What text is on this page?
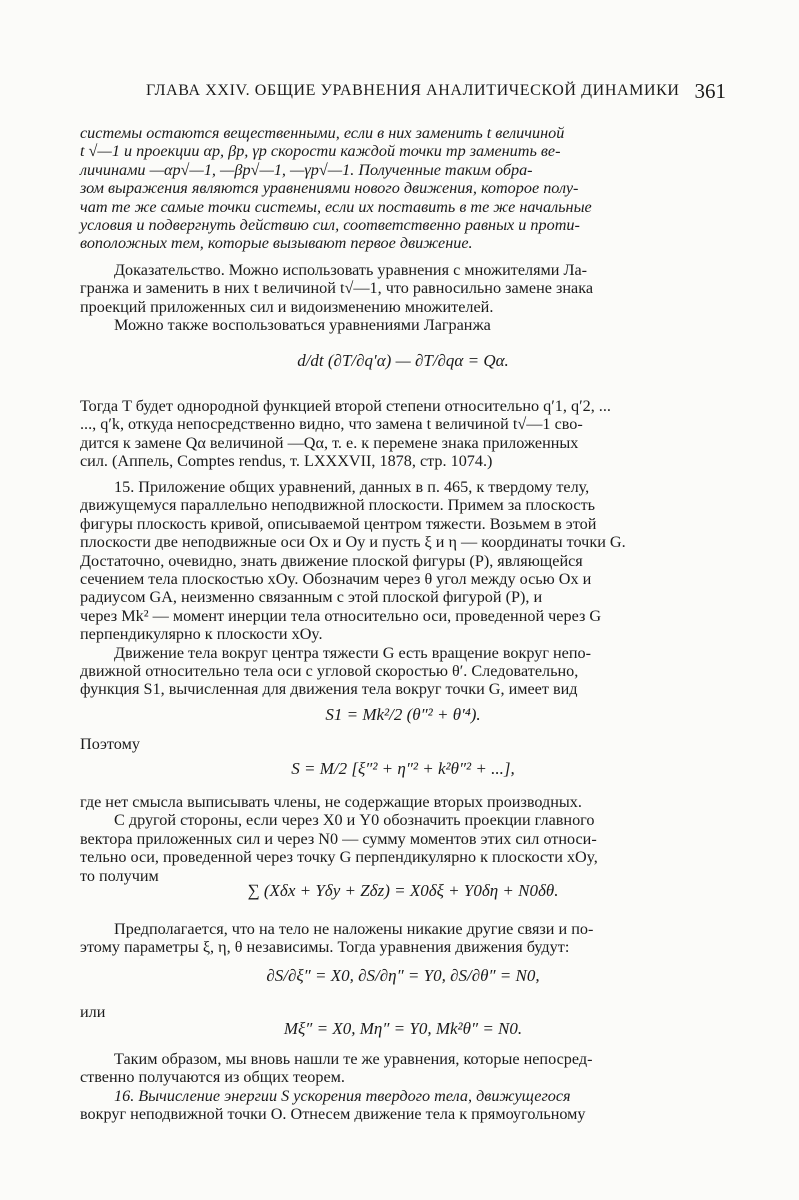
ГЛАВА XXIV. ОБЩИЕ УРАВНЕНИЯ АНАЛИТИЧЕСКОЙ ДИНАМИКИ 361

системы остаются вещественными, если в них заменить t величиной

t √—1 и проекции αp, βp, γp скорости каждой точки mp заменить ве-

личинами —αp√—1, —βp√—1, —γp√—1. Полученные таким обра-

зом выражения являются уравнениями нового движения, которое полу-

чат те же самые точки системы, если их поставить в те же начальные

условия и подвергнуть действию сил, соответственно равных и проти-

воположных тем, которые вызывают первое движение.

Доказательство. Можно использовать уравнения с множителями Ла-

гранжа и заменить в них t величиной t√—1, что равносильно замене знака

проекций приложенных сил и видоизменению множителей.

Можно также воспользоваться уравнениями Лагранжа

d/dt (∂T/∂q′α) — ∂T/∂qα = Qα.

Тогда T будет однородной функцией второй степени относительно q′1, q′2, ...

..., q′k, откуда непосредственно видно, что замена t величиной t√—1 сво-

дится к замене Qα величиной —Qα, т. е. к перемене знака приложенных

сил. (Аппель, Comptes rendus, т. LXXXVII, 1878, стр. 1074.)

15. Приложение общих уравнений, данных в п. 465, к твердому телу,

движущемуся параллельно неподвижной плоскости. Примем за плоскость

фигуры плоскость кривой, описываемой центром тяжести. Возьмем в этой

плоскости две неподвижные оси Ox и Oy и пусть ξ и η — координаты точки G.

Достаточно, очевидно, знать движение плоской фигуры (P), являющейся

сечением тела плоскостью xOy. Обозначим через θ угол между осью Ox и

радиусом GA, неизменно связанным с этой плоской фигурой (P), и

через Mk² — момент инерции тела относительно оси, проведенной через G

перпендикулярно к плоскости xOy.

Движение тела вокруг центра тяжести G есть вращение вокруг непо-

движной относительно тела оси с угловой скоростью θ′. Следовательно,

функция S1, вычисленная для движения тела вокруг точки G, имеет вид

S1 = Mk²/2 (θ″² + θ′⁴).
Поэтому
S = M/2 [ξ″² + η″² + k²θ″² + ...],

где нет смысла выписывать члены, не содержащие вторых производных.

С другой стороны, если через X0 и Y0 обозначить проекции главного

вектора приложенных сил и через N0 — сумму моментов этих сил относи-

тельно оси, проведенной через точку G перпендикулярно к плоскости xOy,

то получим

∑ (Xδx + Yδy + Zδz) = X0δξ + Y0δη + N0δθ.

Предполагается, что на тело не наложены никакие другие связи и по-

этому параметры ξ, η, θ независимы. Тогда уравнения движения будут:

∂S/∂ξ″ = X0, ∂S/∂η″ = Y0, ∂S/∂θ″ = N0,
или
Mξ″ = X0, Mη″ = Y0, Mk²θ″ = N0.

Таким образом, мы вновь нашли те же уравнения, которые непосред-

ственно получаются из общих теорем.

16. Вычисление энергии S ускорения твердого тела, движущегося

вокруг неподвижной точки O. Отнесем движение тела к прямоугольному
